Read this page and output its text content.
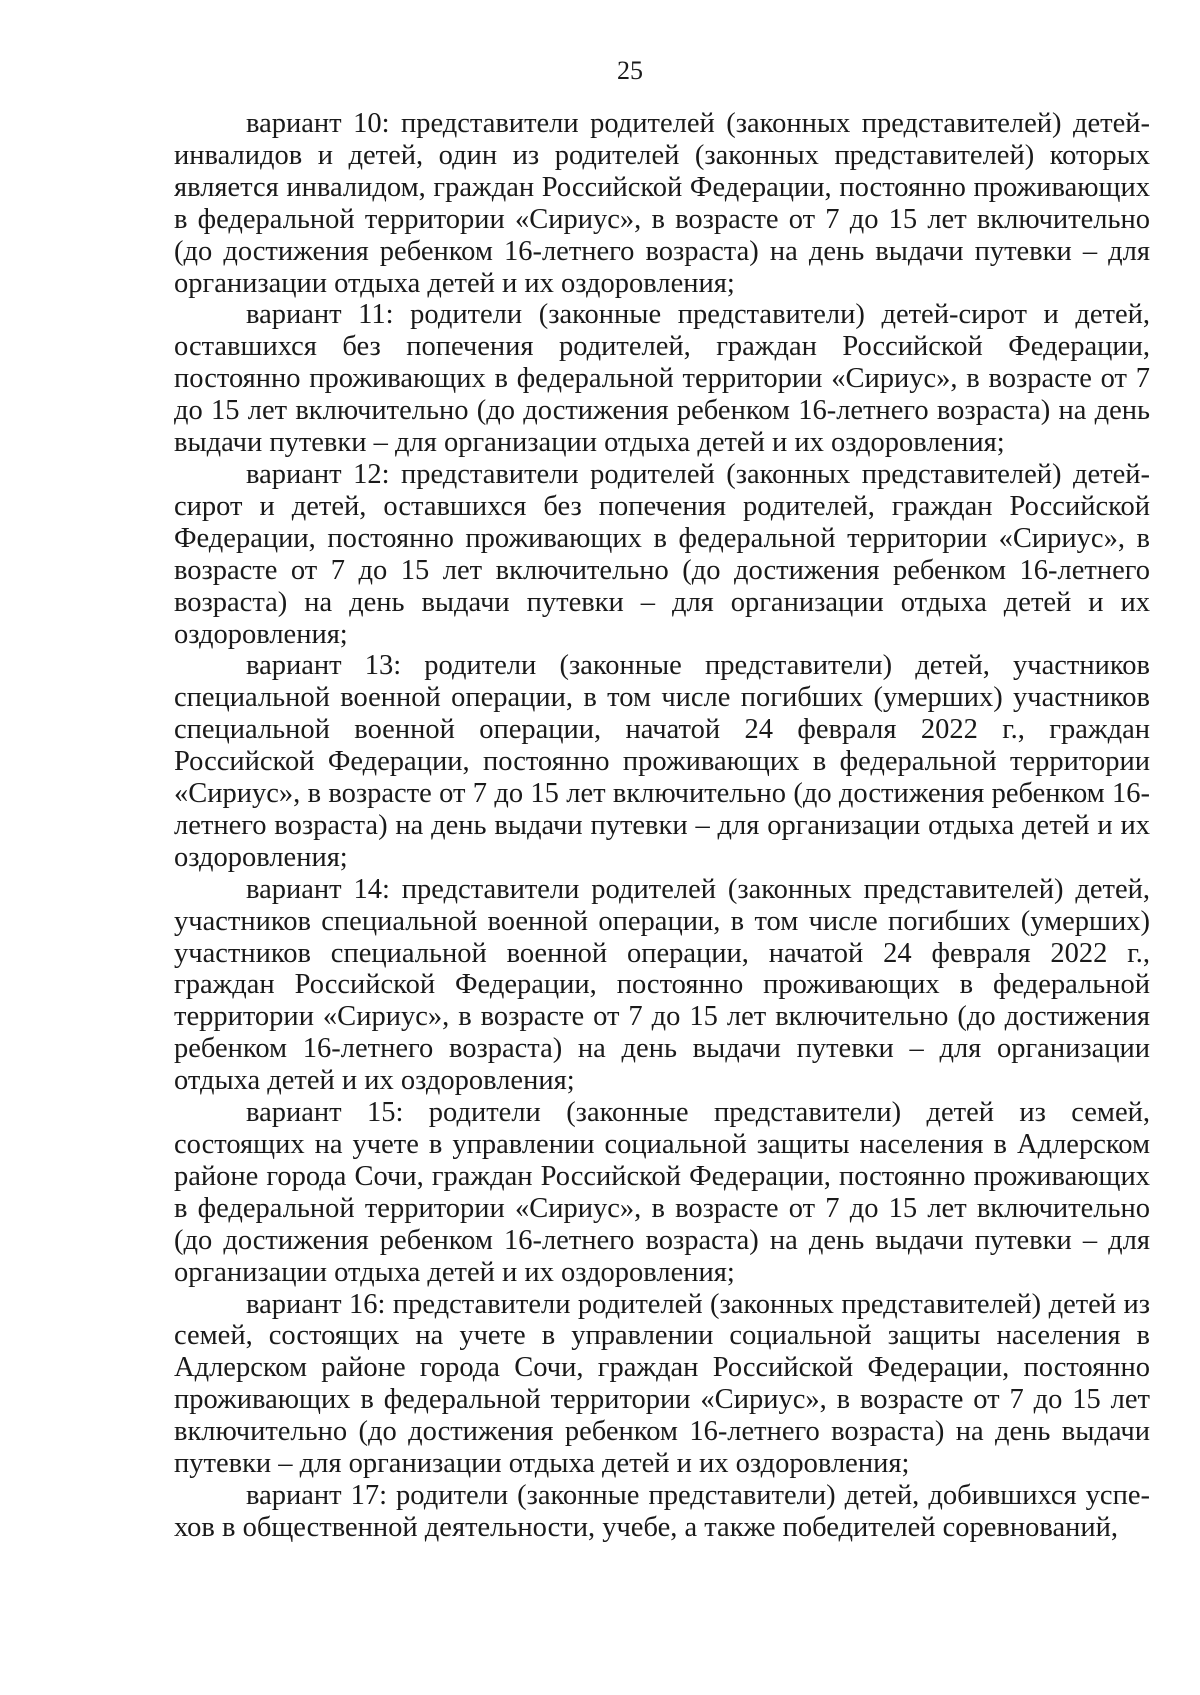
25

вариант 10: представители родителей (законных представителей) детей-инвалидов и детей, один из родителей (законных представителей) которых является инвалидом, граждан Российской Федерации, постоянно проживающих в федеральной территории «Сириус», в возрасте от 7 до 15 лет включительно (до достижения ребенком 16-летнего возраста) на день выдачи путевки – для организации отдыха детей и их оздоровления;

вариант 11: родители (законные представители) детей-сирот и детей, оставшихся без попечения родителей, граждан Российской Федерации, постоянно проживающих в федеральной территории «Сириус», в возрасте от 7 до 15 лет включительно (до достижения ребенком 16-летнего возраста) на день выдачи путевки – для организации отдыха детей и их оздоровления;

вариант 12: представители родителей (законных представителей) детей-сирот и детей, оставшихся без попечения родителей, граждан Российской Федерации, постоянно проживающих в федеральной территории «Сириус», в возрасте от 7 до 15 лет включительно (до достижения ребенком 16-летнего возраста) на день выдачи путевки – для организации отдыха детей и их оздоровления;

вариант 13: родители (законные представители) детей, участников специальной военной операции, в том числе погибших (умерших) участников специальной военной операции, начатой 24 февраля 2022 г., граждан Российской Федерации, постоянно проживающих в федеральной территории «Сириус», в возрасте от 7 до 15 лет включительно (до достижения ребенком 16-летнего возраста) на день выдачи путевки – для организации отдыха детей и их оздоровления;

вариант 14: представители родителей (законных представителей) детей, участников специальной военной операции, в том числе погибших (умерших) участников специальной военной операции, начатой 24 февраля 2022 г., граждан Российской Федерации, постоянно проживающих в федеральной территории «Сириус», в возрасте от 7 до 15 лет включительно (до достижения ребенком 16-летнего возраста) на день выдачи путевки – для организации отдыха детей и их оздоровления;

вариант 15: родители (законные представители) детей из семей, состоящих на учете в управлении социальной защиты населения в Адлерском районе города Сочи, граждан Российской Федерации, постоянно проживающих в федеральной территории «Сириус», в возрасте от 7 до 15 лет включительно (до достижения ребенком 16-летнего возраста) на день выдачи путевки – для организации отдыха детей и их оздоровления;

вариант 16: представители родителей (законных представителей) детей из семей, состоящих на учете в управлении социальной защиты населения в Адлерском районе города Сочи, граждан Российской Федерации, постоянно проживающих в федеральной территории «Сириус», в возрасте от 7 до 15 лет включительно (до достижения ребенком 16-летнего возраста) на день выдачи путевки – для организации отдыха детей и их оздоровления;

вариант 17: родители (законные представители) детей, добившихся успехов в общественной деятельности, учебе, а также победителей соревнований,
